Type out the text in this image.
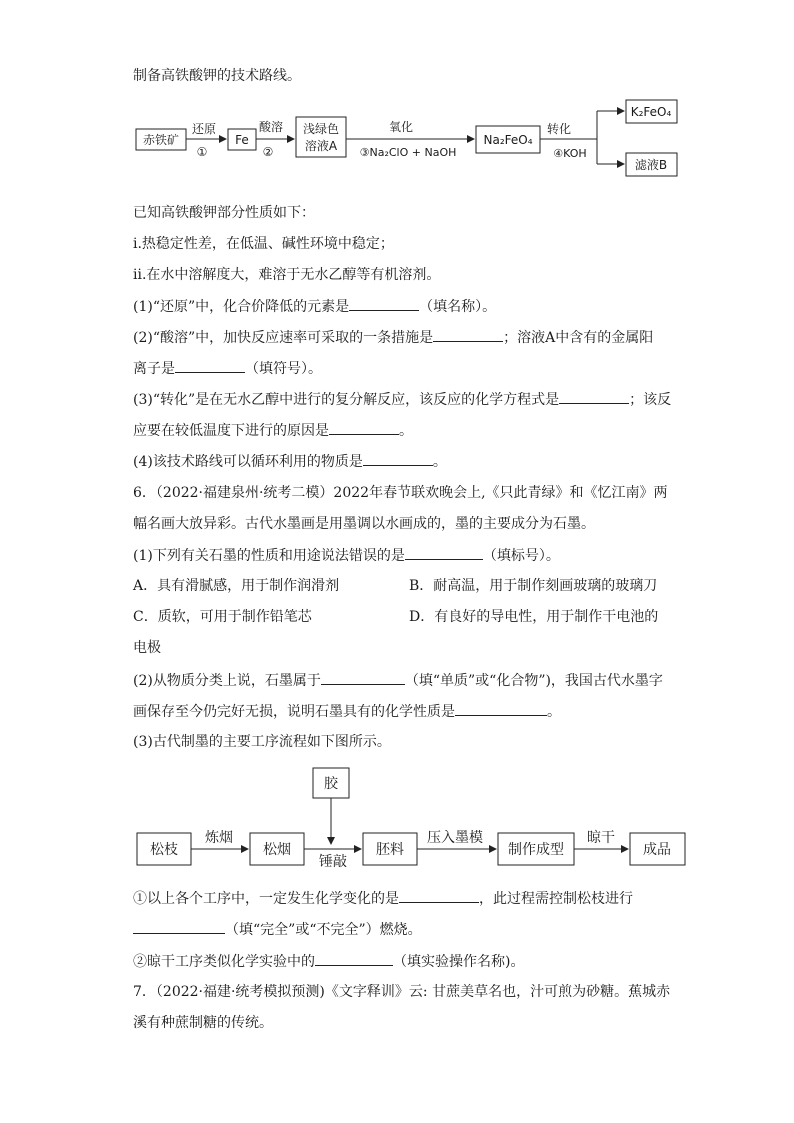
制备高铁酸钾的技术路线。
赤铁矿
还原
①
Fe
酸溶
②
浅绿色
溶液A
氧化
③Na₂ClO + NaOH
Na₂FeO₄
转化
④KOH
K₂FeO₄
滤液B
已知高铁酸钾部分性质如下：
ⅰ.热稳定性差，在低温、碱性环境中稳定；
ⅱ.在水中溶解度大，难溶于无水乙醇等有机溶剂。
(1)“还原”中，化合价降低的元素是	（填名称）。
(2)“酸溶”中，加快反应速率可采取的一条措施是	；溶液A中含有的金属阳
离子是	（填符号）。
(3)“转化”是在无水乙醇中进行的复分解反应，该反应的化学方程式是	；该反
应要在较低温度下进行的原因是	。
(4)该技术路线可以循环利用的物质是	。
6．（2022·福建泉州·统考二模）2022年春节联欢晚会上,《只此青绿》和《忆江南》两
幅名画大放异彩。古代水墨画是用墨调以水画成的，墨的主要成分为石墨。
(1)下列有关石墨的性质和用途说法错误的是	（填标号）。
A．具有滑腻感，用于制作润滑剂	B．耐高温，用于制作刻画玻璃的玻璃刀
C．质软，可用于制作铅笔芯	D．有良好的导电性，用于制作干电池的
电极
(2)从物质分类上说，石墨属于	（填“单质”或“化合物”)，我国古代水墨字
画保存至今仍完好无损，说明石墨具有的化学性质是	。
(3)古代制墨的主要工序流程如下图所示。
胶
松枝
炼烟
松烟
锤敲
胚料
压入墨模
制作成型
晾干
成品
①以上各个工序中，一定发生化学变化的是	，此过程需控制松枝进行
（填“完全”或“不完全”）燃烧。
②晾干工序类似化学实验中的	（填实验操作名称)。
7．（2022·福建·统考模拟预测)《文字释训》云: 甘蔗美草名也，汁可煎为砂糖。蕉城赤
溪有种蔗制糖的传统。
